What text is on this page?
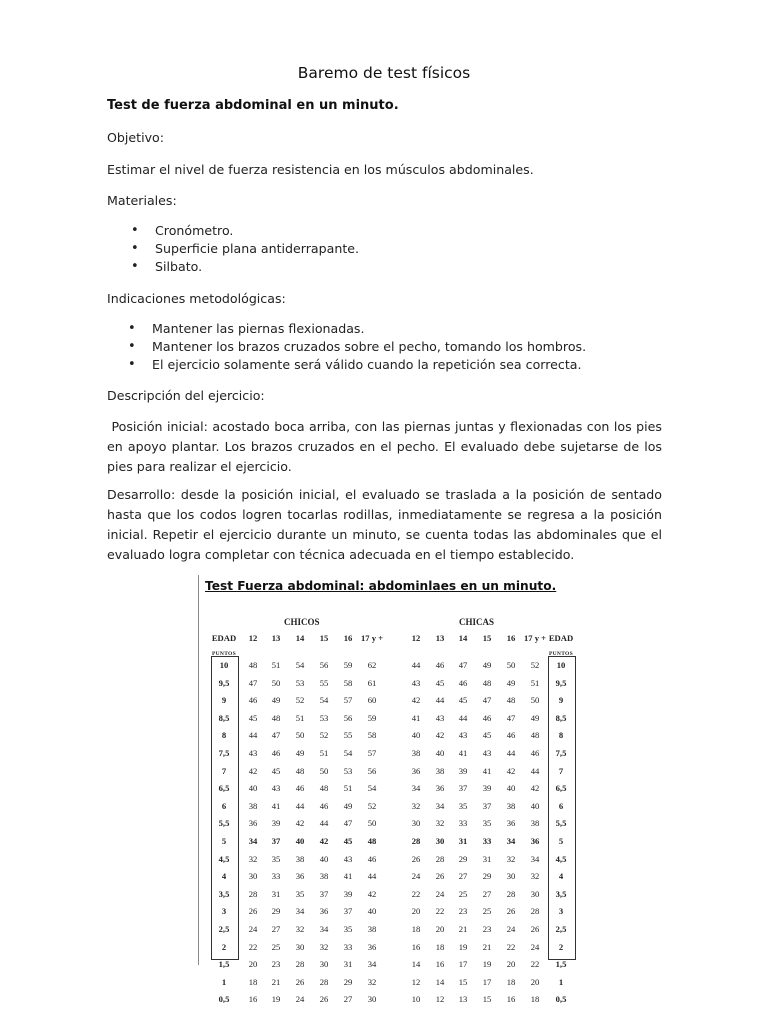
Baremo de test físicos
Test de fuerza abdominal en un minuto.
Objetivo:
Estimar el nivel de fuerza resistencia en los músculos abdominales.
Materiales:
• Cronómetro.
• Superficie plana antiderrapante.
• Silbato.
Indicaciones metodológicas:
• Mantener las piernas flexionadas.
• Mantener los brazos cruzados sobre el pecho, tomando los hombros.
• El ejercicio solamente será válido cuando la repetición sea correcta.
Descripción del ejercicio:
Posición inicial: acostado boca arriba, con las piernas juntas y flexionadas con los pies en apoyo plantar. Los brazos cruzados en el pecho. El evaluado debe sujetarse de los pies para realizar el ejercicio.
Desarrollo: desde la posición inicial, el evaluado se traslada a la posición de sentado hasta que los codos logren tocarlas rodillas, inmediatamente se regresa a la posición inicial. Repetir el ejercicio durante un minuto, se cuenta todas las abdominales que el evaluado logra completar con técnica adecuada en el tiempo establecido.
Test Fuerza abdominal: abdominlaes en un minuto.
CHICOS	CHICAS
EDAD	12	13	14	15	16	17 y +	12	13	14	15	16	17 y + EDAD
PUNTOS	PUNTOS
10	48	51	54	56	59	62	44	46	47	49	50	52	10
9,5	47	50	53	55	58	61	43	45	46	48	49	51	9,5
9	46	49	52	54	57	60	42	44	45	47	48	50	9
8,5	45	48	51	53	56	59	41	43	44	46	47	49	8,5
8	44	47	50	52	55	58	40	42	43	45	46	48	8
7,5	43	46	49	51	54	57	38	40	41	43	44	46	7,5
7	42	45	48	50	53	56	36	38	39	41	42	44	7
6,5	40	43	46	48	51	54	34	36	37	39	40	42	6,5
6	38	41	44	46	49	52	32	34	35	37	38	40	6
5,5	36	39	42	44	47	50	30	32	33	35	36	38	5,5
5	34	37	40	42	45	48	28	30	31	33	34	36	5
4,5	32	35	38	40	43	46	26	28	29	31	32	34	4,5
4	30	33	36	38	41	44	24	26	27	29	30	32	4
3,5	28	31	35	37	39	42	22	24	25	27	28	30	3,5
3	26	29	34	36	37	40	20	22	23	25	26	28	3
2,5	24	27	32	34	35	38	18	20	21	23	24	26	2,5
2	22	25	30	32	33	36	16	18	19	21	22	24	2
1,5	20	23	28	30	31	34	14	16	17	19	20	22	1,5
1	18	21	26	28	29	32	12	14	15	17	18	20	1
0,5	16	19	24	26	27	30	10	12	13	15	16	18	0,5
